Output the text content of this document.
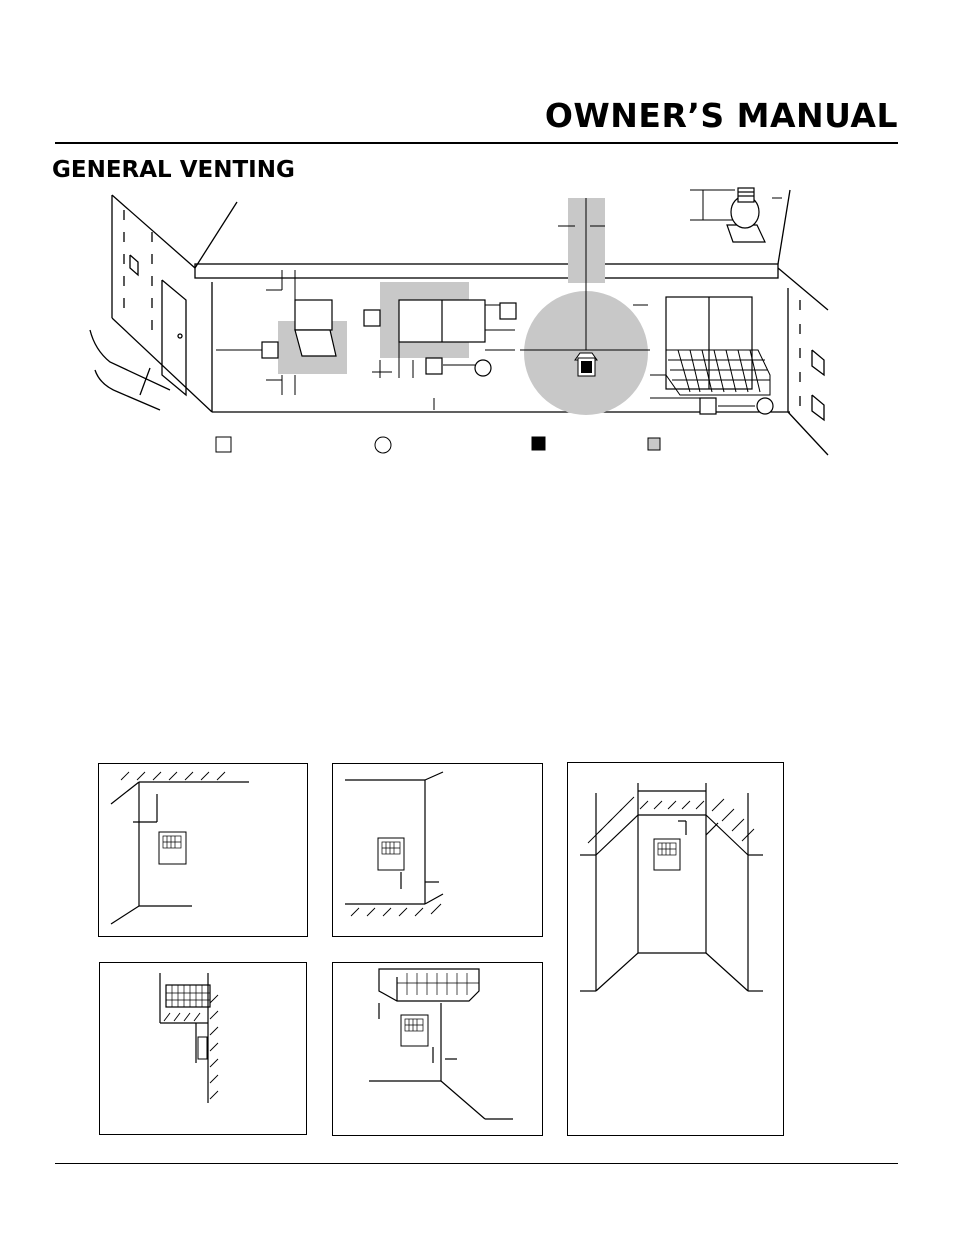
OWNER’S MANUAL
GENERAL VENTING
